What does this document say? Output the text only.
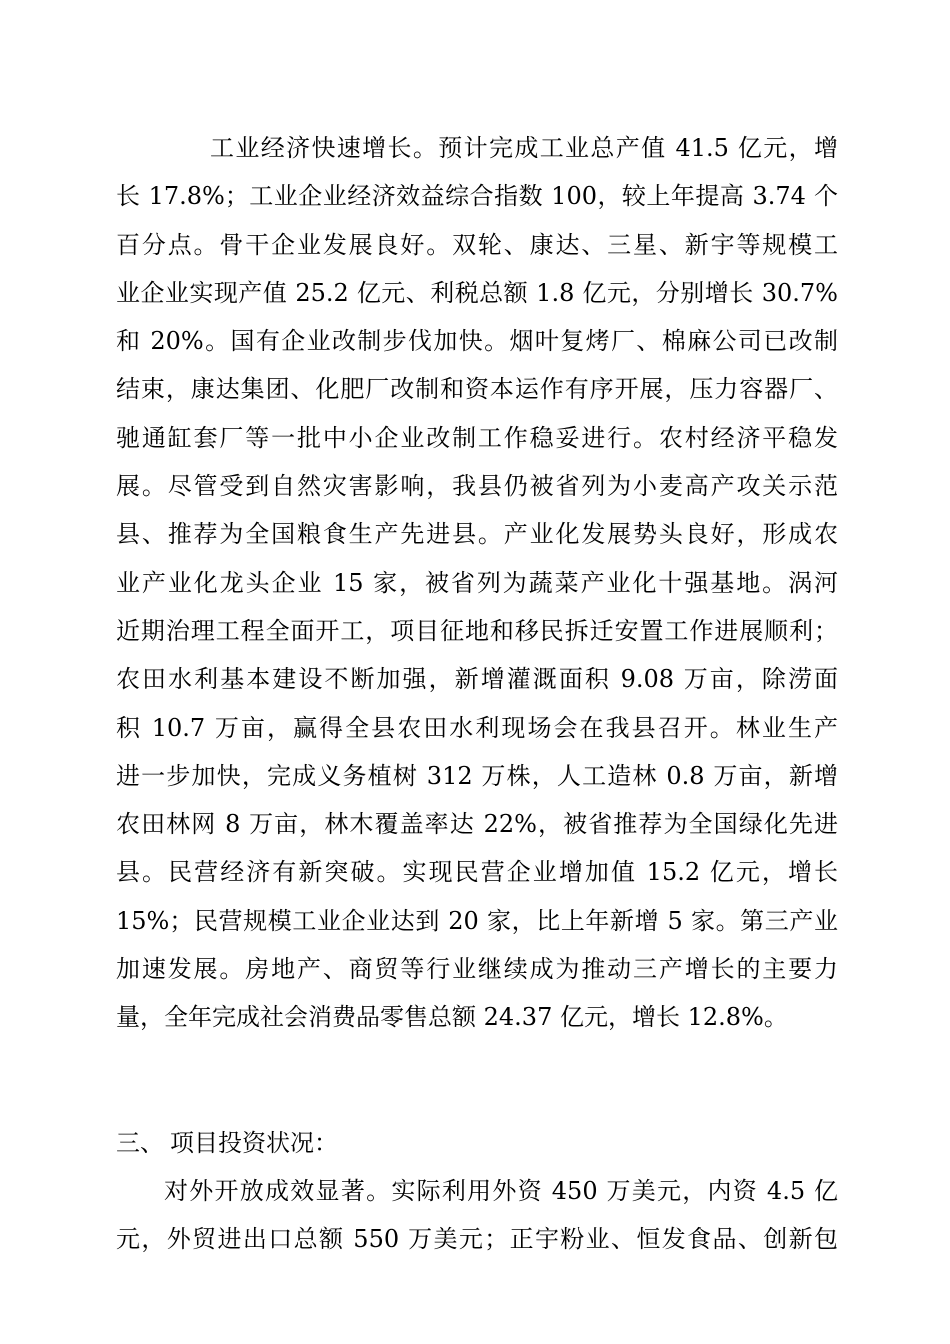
工业经济快速增长。预计完成工业总产值 41.5 亿元，增
长 17.8%；工业企业经济效益综合指数 100，较上年提高 3.74 个
百分点。骨干企业发展良好。双轮、康达、三星、新宇等规模工
业企业实现产值 25.2 亿元、利税总额 1.8 亿元，分别增长 30.7%
和 20%。国有企业改制步伐加快。烟叶复烤厂、棉麻公司已改制
结束，康达集团、化肥厂改制和资本运作有序开展，压力容器厂、
驰通缸套厂等一批中小企业改制工作稳妥进行。农村经济平稳发
展。尽管受到自然灾害影响，我县仍被省列为小麦高产攻关示范
县、推荐为全国粮食生产先进县。产业化发展势头良好，形成农
业产业化龙头企业 15 家，被省列为蔬菜产业化十强基地。涡河
近期治理工程全面开工，项目征地和移民拆迁安置工作进展顺利；
农田水利基本建设不断加强，新增灌溉面积 9.08 万亩，除涝面
积 10.7 万亩，赢得全县农田水利现场会在我县召开。林业生产
进一步加快，完成义务植树 312 万株，人工造林 0.8 万亩，新增
农田林网 8 万亩，林木覆盖率达 22%，被省推荐为全国绿化先进
县。民营经济有新突破。实现民营企业增加值 15.2 亿元，增长
15%；民营规模工业企业达到 20 家，比上年新增 5 家。第三产业
加速发展。房地产、商贸等行业继续成为推动三产增长的主要力
量，全年完成社会消费品零售总额 24.37 亿元，增长 12.8%。
三、 项目投资状况：
对外开放成效显著。实际利用外资 450 万美元，内资 4.5 亿
元，外贸进出口总额 550 万美元；正宇粉业、恒发食品、创新包
